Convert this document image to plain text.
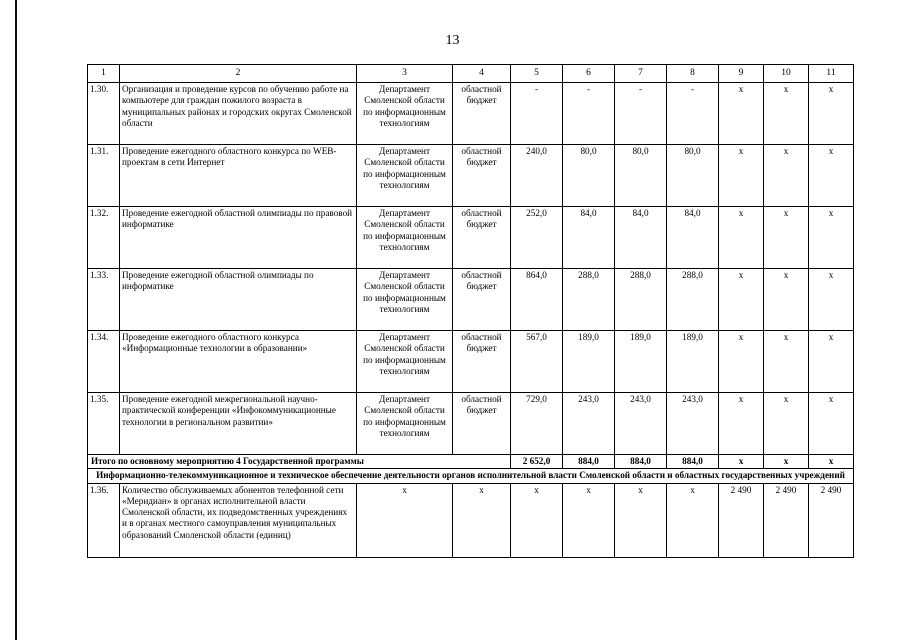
13
1	2	3	4	5	6	7	8	9	10	11
1.30.	Организация и проведение курсов по обучению работе на компьютере для граждан пожилого возраста в муниципальных районах и городских округах Смоленской области	Департамент Смоленской области по информационным технологиям	областной бюджет	-	-	-	-	x	x	x
1.31.	Проведение ежегодного областного конкурса по WEB-проектам в сети Интернет	Департамент Смоленской области по информационным технологиям	областной бюджет	240,0	80,0	80,0	80,0	x	x	x
1.32.	Проведение ежегодной областной олимпиады по правовой информатике	Департамент Смоленской области по информационным технологиям	областной бюджет	252,0	84,0	84,0	84,0	x	x	x
1.33.	Проведение ежегодной областной олимпиады по информатике	Департамент Смоленской области по информационным технологиям	областной бюджет	864,0	288,0	288,0	288,0	x	x	x
1.34.	Проведение ежегодного областного конкурса «Информационные технологии в образовании»	Департамент Смоленской области по информационным технологиям	областной бюджет	567,0	189,0	189,0	189,0	x	x	x
1.35.	Проведение ежегодной межрегиональной научно-практической конференции «Инфокоммуникационные технологии в региональном развитии»	Департамент Смоленской области по информационным технологиям	областной бюджет	729,0	243,0	243,0	243,0	x	x	x
Итого по основному мероприятию 4 Государственной программы				2 652,0	884,0	884,0	884,0	x	x	x
Информационно-телекоммуникационное и техническое обеспечение деятельности органов исполнительной власти Смоленской области и областных государственных учреждений										
1.36.	Количество обслуживаемых абонентов телефонной сети «Меридиан» в органах исполнительной власти Смоленской области, их подведомственных учреждениях и в органах местного самоуправления муниципальных образований Смоленской области (единиц)	x	x	x	x	x	x	2 490	2 490	2 490
